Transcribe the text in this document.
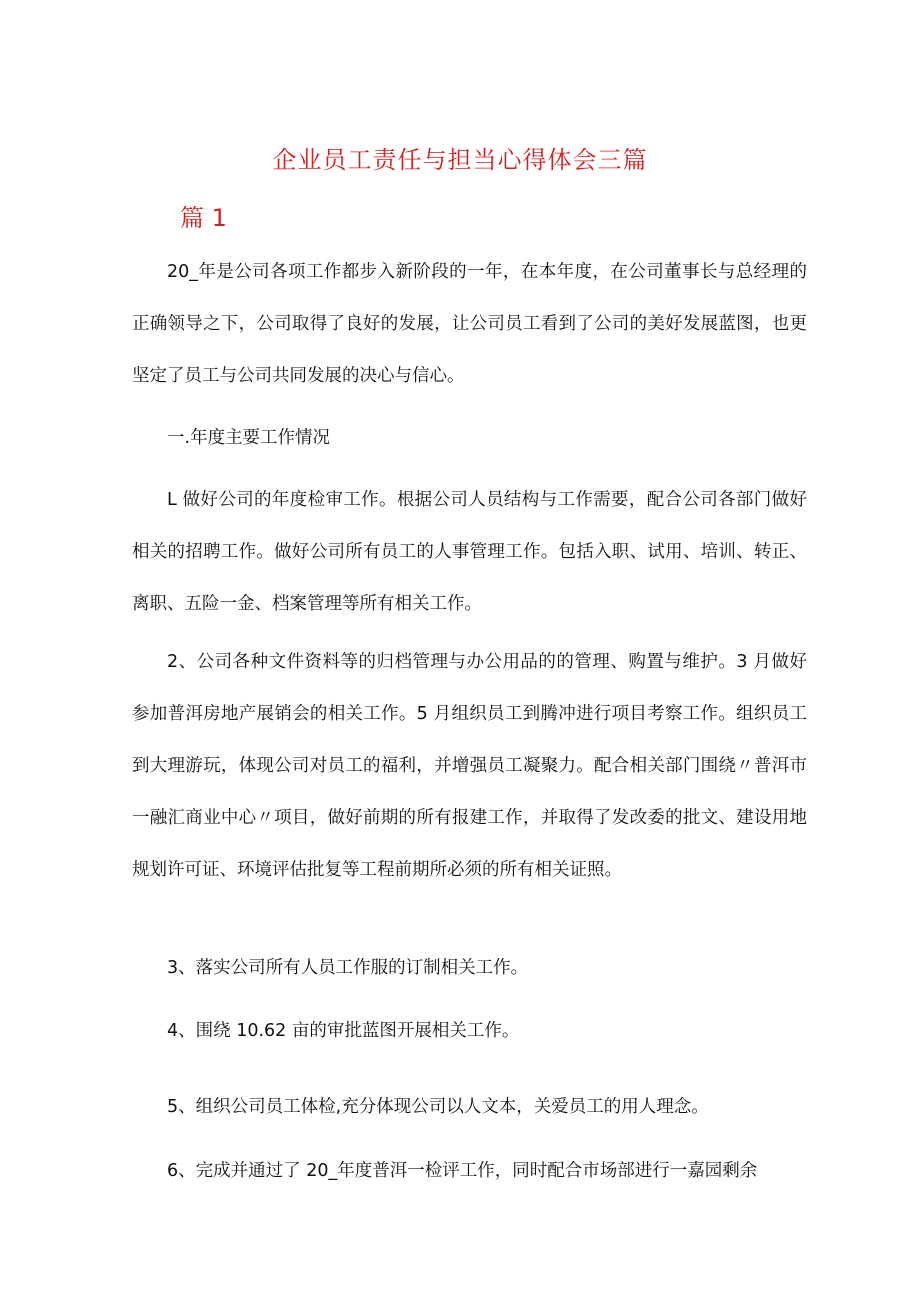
企业员工责任与担当心得体会三篇
篇 1

20_年是公司各项工作都步入新阶段的一年，在本年度，在公司董事长与总经理的正确领导之下，公司取得了良好的发展，让公司员工看到了公司的美好发展蓝图，也更坚定了员工与公司共同发展的决心与信心。

一.年度主要工作情况

L 做好公司的年度检审工作。根据公司人员结构与工作需要，配合公司各部门做好相关的招聘工作。做好公司所有员工的人事管理工作。包括入职、试用、培训、转正、离职、五险一金、档案管理等所有相关工作。

2、公司各种文件资料等的归档管理与办公用品的的管理、购置与维护。3 月做好参加普洱房地产展销会的相关工作。5 月组织员工到腾冲进行项目考察工作。组织员工到大理游玩，体现公司对员工的福利，并增强员工凝聚力。配合相关部门围绕〃普洱市一融汇商业中心〃项目，做好前期的所有报建工作，并取得了发改委的批文、建设用地规划许可证、环境评估批复等工程前期所必须的所有相关证照。

3、落实公司所有人员工作服的订制相关工作。

4、围绕 10.62 亩的审批蓝图开展相关工作。

5、组织公司员工体检,充分体现公司以人文本，关爱员工的用人理念。

6、完成并通过了 20_年度普洱一检评工作，同时配合市场部进行一嘉园剩余
